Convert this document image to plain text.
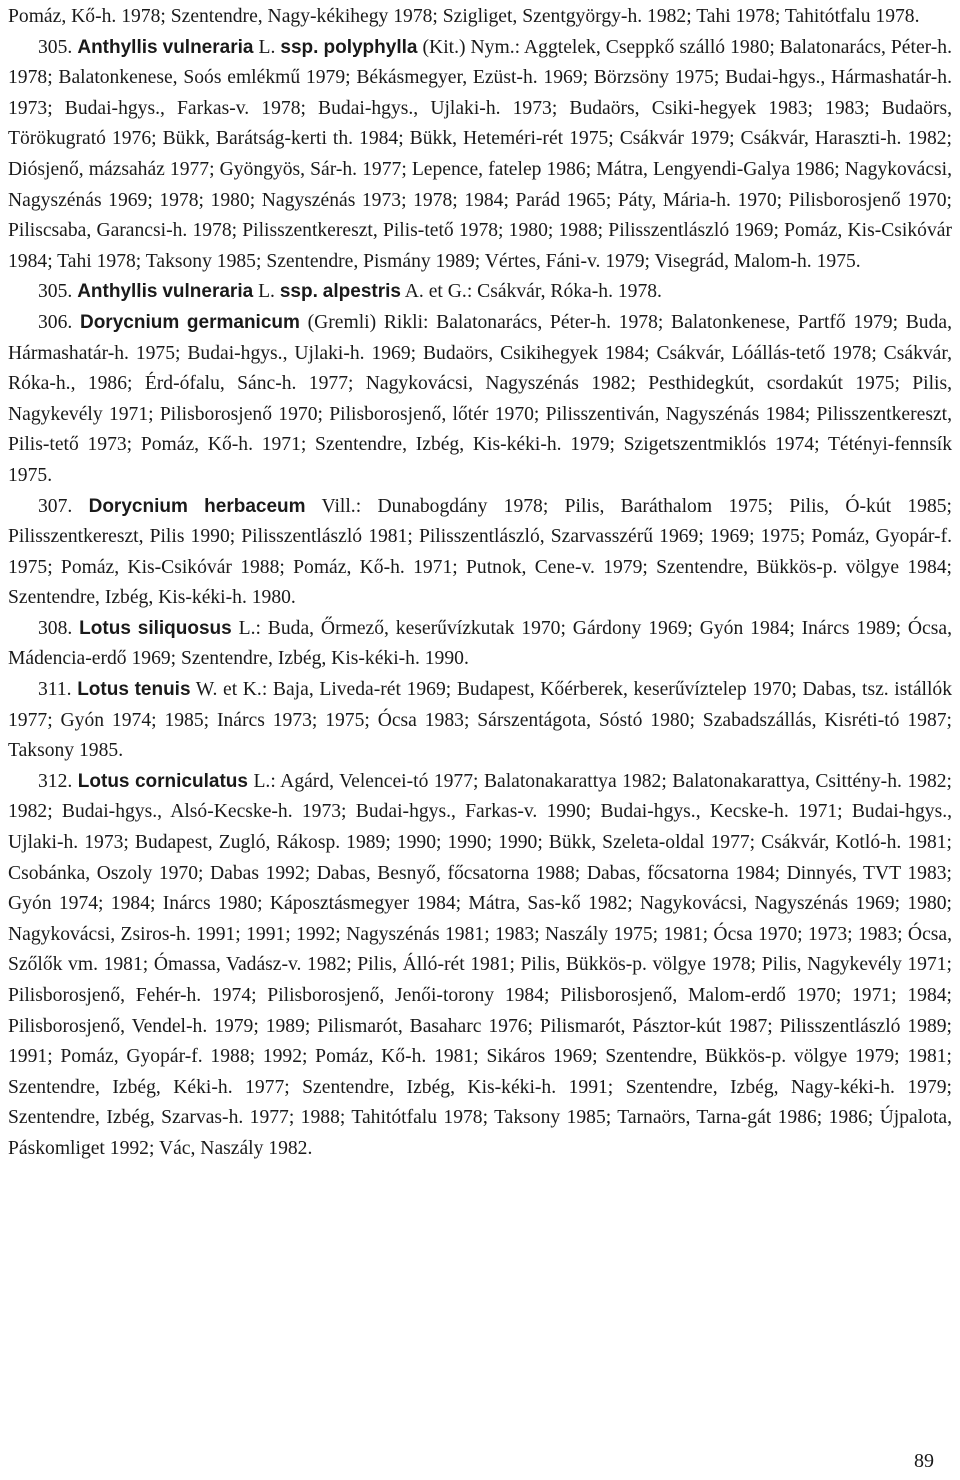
Pomáz, Kő-h. 1978; Szentendre, Nagy-kékihegy 1978; Szigliget, Szentgyörgy-h. 1982; Tahi 1978; Tahitótfalu 1978.

305. Anthyllis vulneraria L. ssp. polyphylla (Kit.) Nym.: Aggtelek, Cseppkő szálló 1980; Balatonarács, Péter-h. 1978; Balatonkenese, Soós emlékmű 1979; Békásmegyer, Ezüst-h. 1969; Börzsöny 1975; Budai-hgys., Hármashatár-h. 1973; Budai-hgys., Farkas-v. 1978; Budai-hgys., Ujlaki-h. 1973; Budaörs, Csiki-hegyek 1983; 1983; Budaörs, Törökugrató 1976; Bükk, Barátság-kerti th. 1984; Bükk, Heteméri-rét 1975; Csákvár 1979; Csákvár, Haraszti-h. 1982; Diósjenő, mázsaház 1977; Gyöngyös, Sár-h. 1977; Lepence, fatelep 1986; Mátra, Lengyendi-Galya 1986; Nagykovácsi, Nagyszénás 1969; 1978; 1980; Nagyszénás 1973; 1978; 1984; Parád 1965; Páty, Mária-h. 1970; Pilisborosjenő 1970; Piliscsaba, Garancsi-h. 1978; Pilisszentkereszt, Pilis-tető 1978; 1980; 1988; Pilisszentlászló 1969; Pomáz, Kis-Csikóvár 1984; Tahi 1978; Taksony 1985; Szentendre, Pismány 1989; Vértes, Fáni-v. 1979; Visegrád, Malom-h. 1975.

305. Anthyllis vulneraria L. ssp. alpestris A. et G.: Csákvár, Róka-h. 1978.

306. Dorycnium germanicum (Gremli) Rikli: Balatonarács, Péter-h. 1978; Balatonkenese, Partfő 1979; Buda, Hármashatár-h. 1975; Budai-hgys., Ujlaki-h. 1969; Budaörs, Csikihegyek 1984; Csákvár, Lóállás-tető 1978; Csákvár, Róka-h., 1986; Érd-ófalu, Sánc-h. 1977; Nagykovácsi, Nagyszénás 1982; Pesthidegkút, csordakút 1975; Pilis, Nagykevély 1971; Pilisborosjenő 1970; Pilisborosjenő, lőtér 1970; Pilisszentiván, Nagyszénás 1984; Pilisszentkereszt, Pilis-tető 1973; Pomáz, Kő-h. 1971; Szentendre, Izbég, Kis-kéki-h. 1979; Szigetszentmiklós 1974; Tétényi-fennsík 1975.

307. Dorycnium herbaceum Vill.: Dunabogdány 1978; Pilis, Baráthalom 1975; Pilis, Ó-kút 1985; Pilisszentkereszt, Pilis 1990; Pilisszentlászló 1981; Pilisszentlászló, Szarvasszérű 1969; 1969; 1975; Pomáz, Gyopár-f. 1975; Pomáz, Kis-Csikóvár 1988; Pomáz, Kő-h. 1971; Putnok, Cene-v. 1979; Szentendre, Bükkös-p. völgye 1984; Szentendre, Izbég, Kis-kéki-h. 1980.

308. Lotus siliquosus L.: Buda, Őrmező, keserűvízkutak 1970; Gárdony 1969; Gyón 1984; Inárcs 1989; Ócsa, Mádencia-erdő 1969; Szentendre, Izbég, Kis-kéki-h. 1990.

311. Lotus tenuis W. et K.: Baja, Liveda-rét 1969; Budapest, Kőérberek, keserűvíztelep 1970; Dabas, tsz. istállók 1977; Gyón 1974; 1985; Inárcs 1973; 1975; Ócsa 1983; Sárszentágota, Sóstó 1980; Szabadszállás, Kisréti-tó 1987; Taksony 1985.

312. Lotus corniculatus L.: Agárd, Velencei-tó 1977; Balatonakarattya 1982; Balatonakarattya, Csittény-h. 1982; 1982; Budai-hgys., Alsó-Kecske-h. 1973; Budai-hgys., Farkas-v. 1990; Budai-hgys., Kecske-h. 1971; Budai-hgys., Ujlaki-h. 1973; Budapest, Zugló, Rákosp. 1989; 1990; 1990; 1990; Bükk, Szeleta-oldal 1977; Csákvár, Kotló-h. 1981; Csobánka, Oszoly 1970; Dabas 1992; Dabas, Besnyő, főcsatorna 1988; Dabas, főcsatorna 1984; Dinnyés, TVT 1983; Gyón 1974; 1984; Inárcs 1980; Káposztásmegyer 1984; Mátra, Sas-kő 1982; Nagykovácsi, Nagyszénás 1969; 1980; Nagykovácsi, Zsiros-h. 1991; 1991; 1992; Nagyszénás 1981; 1983; Naszály 1975; 1981; Ócsa 1970; 1973; 1983; Ócsa, Szőlők vm. 1981; Ómassa, Vadász-v. 1982; Pilis, Álló-rét 1981; Pilis, Bükkös-p. völgye 1978; Pilis, Nagykevély 1971; Pilisborosjenő, Fehér-h. 1974; Pilisborosjenő, Jenői-torony 1984; Pilisborosjenő, Malom-erdő 1970; 1971; 1984; Pilisborosjenő, Vendel-h. 1979; 1989; Pilismarót, Basaharc 1976; Pilismarót, Pásztor-kút 1987; Pilisszentlászló 1989; 1991; Pomáz, Gyopár-f. 1988; 1992; Pomáz, Kő-h. 1981; Sikáros 1969; Szentendre, Bükkös-p. völgye 1979; 1981; Szentendre, Izbég, Kéki-h. 1977; Szentendre, Izbég, Kis-kéki-h. 1991; Szentendre, Izbég, Nagy-kéki-h. 1979; Szentendre, Izbég, Szarvas-h. 1977; 1988; Tahitótfalu 1978; Taksony 1985; Tarnaörs, Tarna-gát 1986; 1986; Újpalota, Páskomliget 1992; Vác, Naszály 1982.

89
